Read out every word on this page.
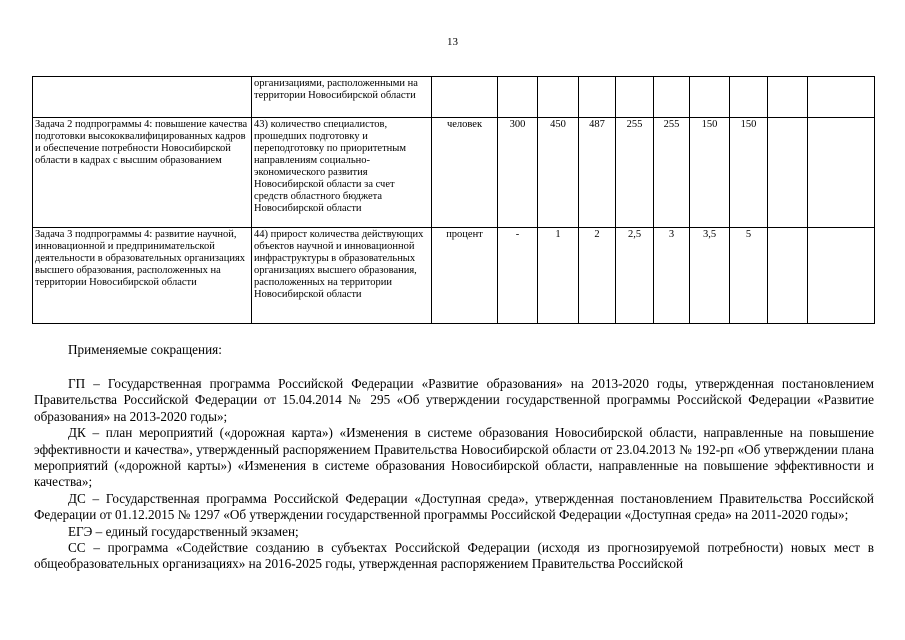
13
	организациями, расположенными на территории Новосибирской области										
Задача 2 подпрограммы 4: повышение качества подготовки высококвалифицированных кадров и обеспечение потребности Новосибирской области в кадрах с высшим образованием	43) количество специалистов, прошедших подготовку и переподготовку по приоритетным направлениям социально-экономического развития Новосибирской области за счет средств областного бюджета Новосибирской области	человек	300	450	487	255	255	150	150		
Задача 3 подпрограммы 4: развитие научной, инновационной и предпринимательской деятельности в образовательных организациях высшего образования, расположенных на территории Новосибирской области	44) прирост количества действующих объектов научной и инновационной инфраструктуры в образовательных организациях высшего образования, расположенных на территории Новосибирской области	процент	-	1	2	2,5	3	3,5	5		
Применяемые сокращения:

ГП – Государственная программа Российской Федерации «Развитие образования» на 2013-2020 годы, утвержденная постановлением Правительства Российской Федерации от 15.04.2014 № 295 «Об утверждении государственной программы Российской Федерации «Развитие образования» на 2013-2020 годы»;

ДК – план мероприятий («дорожная карта») «Изменения в системе образования Новосибирской области, направленные на повышение эффективности и качества», утвержденный распоряжением Правительства Новосибирской области от 23.04.2013 № 192-рп «Об утверждении плана мероприятий («дорожной карты») «Изменения в системе образования Новосибирской области, направленные на повышение эффективности и качества»;

ДС – Государственная программа Российской Федерации «Доступная среда», утвержденная постановлением Правительства Российской Федерации от 01.12.2015 № 1297 «Об утверждении государственной программы Российской Федерации «Доступная среда» на 2011-2020 годы»;

ЕГЭ – единый государственный экзамен;

СС – программа «Содействие созданию в субъектах Российской Федерации (исходя из прогнозируемой потребности) новых мест в общеобразовательных организациях» на 2016-2025 годы, утвержденная распоряжением Правительства Российской
